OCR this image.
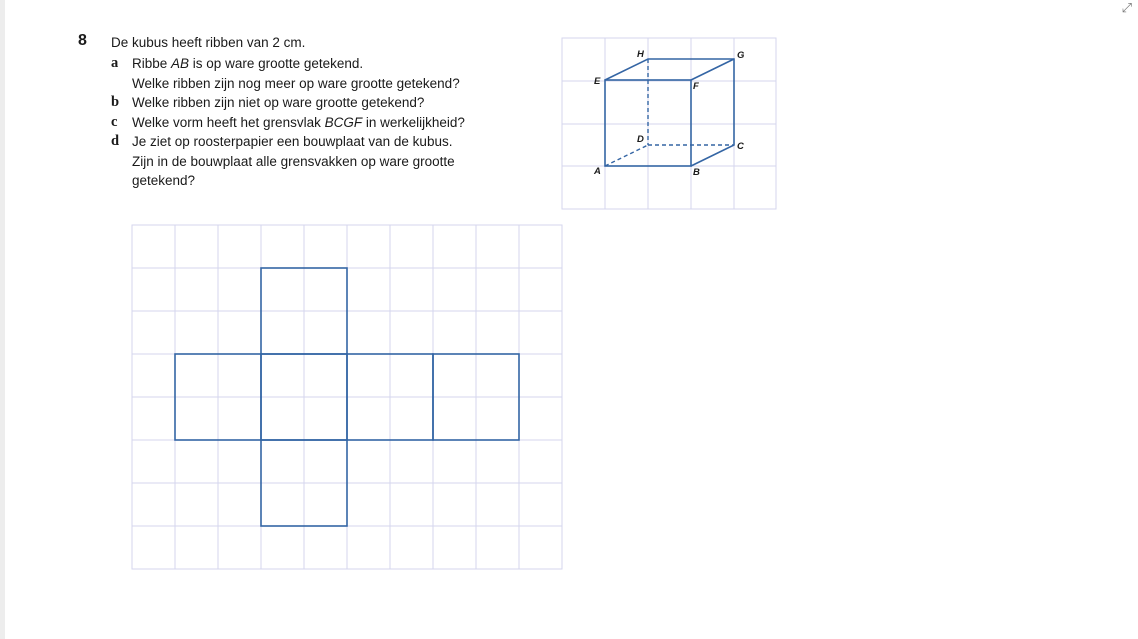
⤢
8 De kubus heeft ribben van 2 cm.
a Ribbe AB is op ware grootte getekend.
Welke ribben zijn nog meer op ware grootte getekend?
b Welke ribben zijn niet op ware grootte getekend?
c Welke vorm heeft het grensvlak BCGF in werkelijkheid?
d Je ziet op roosterpapier een bouwplaat van de kubus.
Zijn in de bouwplaat alle grensvakken op ware grootte
getekend?
H	G
E	F
D
C
A	B
